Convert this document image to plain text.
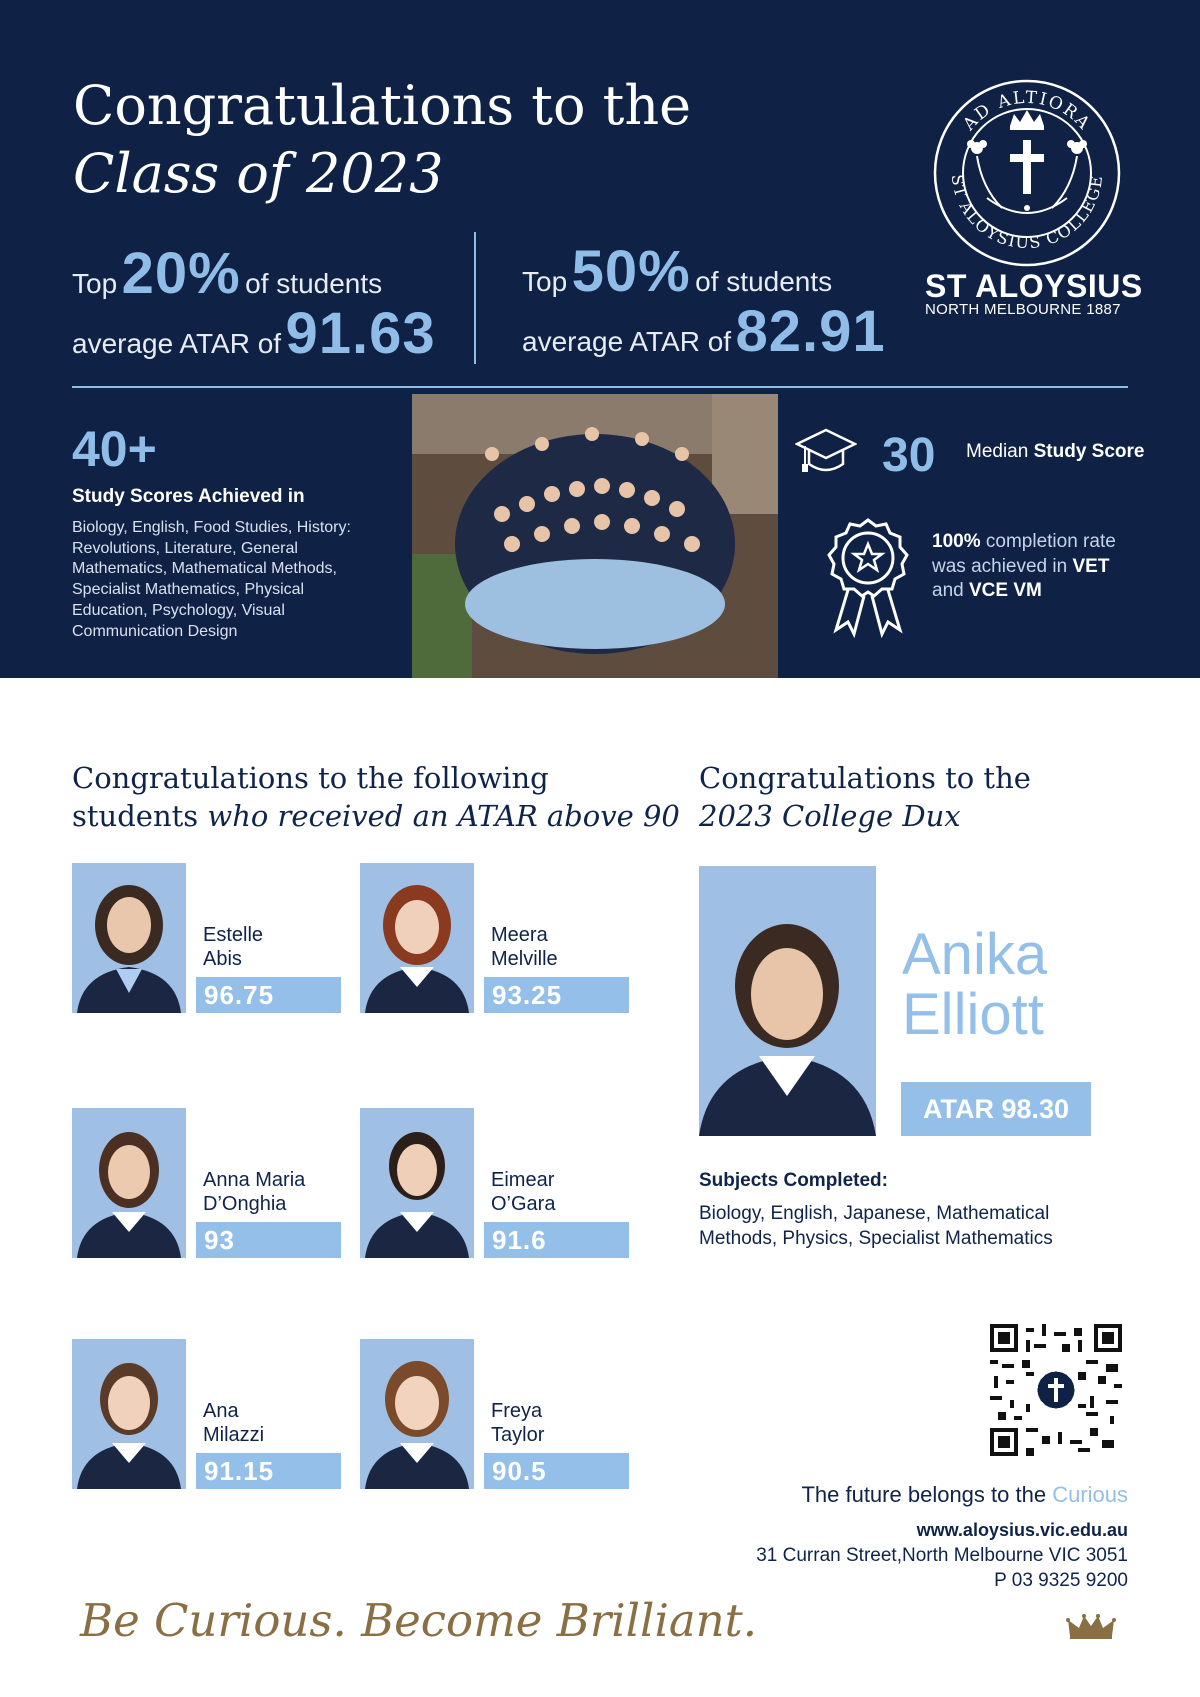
Congratulations to the
Class of 2023
Top 20% of students
average ATAR of 91.63
Top 50% of students
average ATAR of 82.91
AD ALTIORA
ST ALOYSIUS COLLEGE
ST ALOYSIUS
NORTH MELBOURNE 1887
40+
Study Scores Achieved in
Biology, English, Food Studies, History: Revolutions, Literature, General Mathematics, Mathematical Methods, Specialist Mathematics, Physical Education, Psychology, Visual Communication Design
30 Median Study Score
100% completion rate was achieved in VET and VCE VM
Congratulations to the following
students who received an ATAR above 90
Congratulations to the
2023 College Dux
Estelle
Abis
96.75
Meera
Melville
93.25
Anna Maria
D’Onghia
93
Eimear
O’Gara
91.6
Ana
Milazzi
91.15
Freya
Taylor
90.5
Anika
Elliott
ATAR 98.30
Subjects Completed:
Biology, English, Japanese, Mathematical Methods, Physics, Specialist Mathematics
The future belongs to the Curious
www.aloysius.vic.edu.au
31 Curran Street,North Melbourne VIC 3051
P 03 9325 9200
Be Curious. Become Brilliant.
